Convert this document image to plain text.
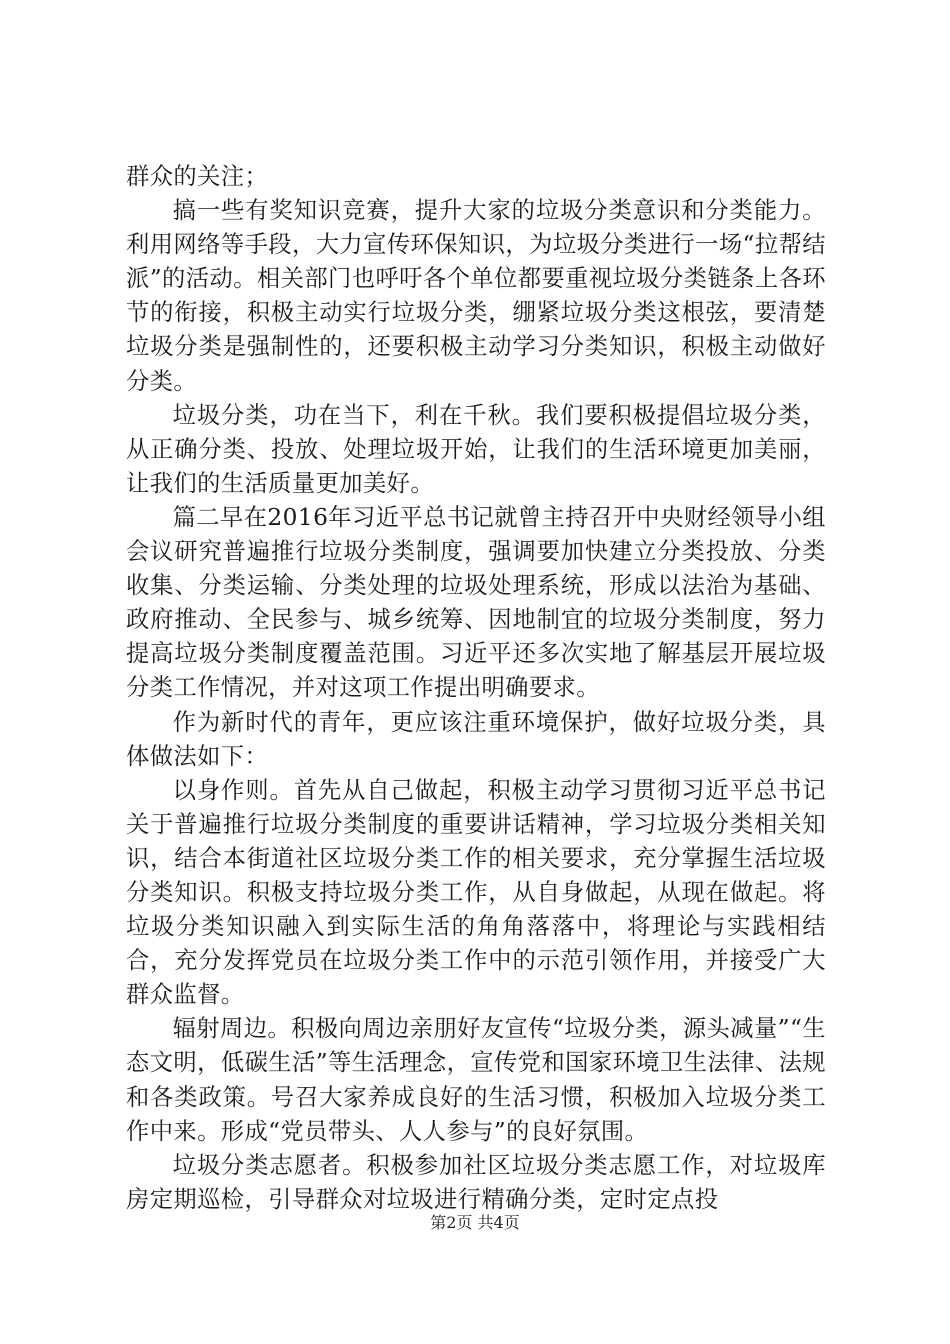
群众的关注；

搞一些有奖知识竞赛，提升大家的垃圾分类意识和分类能力。利用网络等手段，大力宣传环保知识，为垃圾分类进行一场“拉帮结派”的活动。相关部门也呼吁各个单位都要重视垃圾分类链条上各环节的衔接，积极主动实行垃圾分类，绷紧垃圾分类这根弦，要清楚垃圾分类是强制性的，还要积极主动学习分类知识，积极主动做好分类。

垃圾分类，功在当下，利在千秋。我们要积极提倡垃圾分类，从正确分类、投放、处理垃圾开始，让我们的生活环境更加美丽，让我们的生活质量更加美好。

篇二早在2016年习近平总书记就曾主持召开中央财经领导小组会议研究普遍推行垃圾分类制度，强调要加快建立分类投放、分类收集、分类运输、分类处理的垃圾处理系统，形成以法治为基础、政府推动、全民参与、城乡统筹、因地制宜的垃圾分类制度，努力提高垃圾分类制度覆盖范围。习近平还多次实地了解基层开展垃圾分类工作情况，并对这项工作提出明确要求。

作为新时代的青年，更应该注重环境保护，做好垃圾分类，具体做法如下：

以身作则。首先从自己做起，积极主动学习贯彻习近平总书记关于普遍推行垃圾分类制度的重要讲话精神，学习垃圾分类相关知识，结合本街道社区垃圾分类工作的相关要求，充分掌握生活垃圾分类知识。积极支持垃圾分类工作，从自身做起，从现在做起。将垃圾分类知识融入到实际生活的角角落落中，将理论与实践相结合，充分发挥党员在垃圾分类工作中的示范引领作用，并接受广大群众监督。

辐射周边。积极向周边亲朋好友宣传“垃圾分类，源头减量”“生态文明，低碳生活”等生活理念，宣传党和国家环境卫生法律、法规和各类政策。号召大家养成良好的生活习惯，积极加入垃圾分类工作中来。形成“党员带头、人人参与”的良好氛围。

垃圾分类志愿者。积极参加社区垃圾分类志愿工作，对垃圾库房定期巡检，引导群众对垃圾进行精确分类，定时定点投

第2页 共4页
